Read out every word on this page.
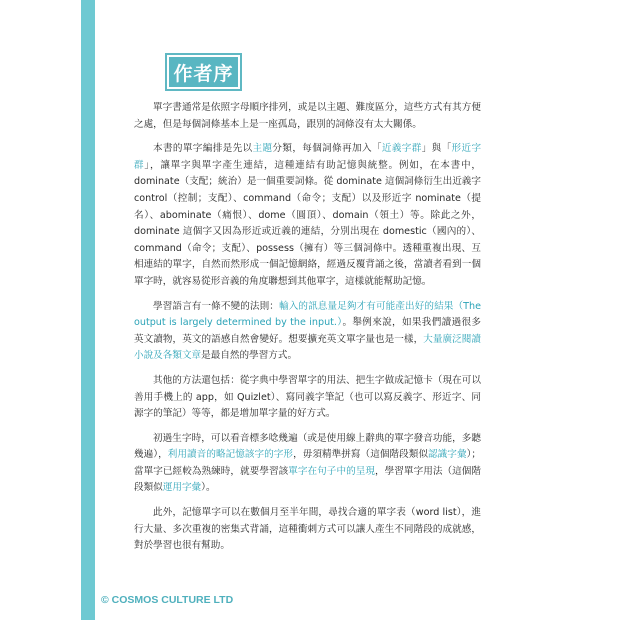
作者序

單字書通常是依照字母順序排列，或是以主題、難度區分，這些方式有其方便之處，但是每個詞條基本上是一座孤島，跟別的詞條沒有太大關係。

本書的單字編排是先以主題分類，每個詞條再加入「近義字群」與「形近字群」，讓單字與單字產生連結，這種連結有助記憶與統整。例如，在本書中，dominate（支配；統治）是一個重要詞條。從 dominate 這個詞條衍生出近義字 control（控制；支配）、command（命令；支配）以及形近字 nominate（提名）、abominate（痛恨）、dome（圓頂）、domain（領土）等。除此之外，dominate 這個字又因為形近或近義的連結，分別出現在 domestic（國內的）、command（命令；支配）、possess（擁有）等三個詞條中。透種重複出現、互相連結的單字，自然而然形成一個記憶網絡，經過反覆背誦之後，當讀者看到一個單字時，就容易從形音義的角度聯想到其他單字，這樣就能幫助記憶。

學習語言有一條不變的法則：輸入的訊息量足夠才有可能產出好的結果（The output is largely determined by the input.）。舉例來說，如果我們讀過很多英文讀物，英文的語感自然會變好。想要擴充英文單字量也是一樣，大量廣泛閱讀小說及各類文章是最自然的學習方式。

其他的方法還包括：從字典中學習單字的用法、把生字做成記憶卡（現在可以善用手機上的 app，如 Quizlet）、寫同義字筆記（也可以寫反義字、形近字、同源字的筆記）等等，都是增加單字量的好方式。

初過生字時，可以看音標多唸幾遍（或是使用線上辭典的單字發音功能，多聽幾遍），利用讀音的略記憶該字的字形，毋須精準拼寫（這個階段類似認識字彙）；當單字已經較為熟練時，就要學習該單字在句子中的呈現，學習單字用法（這個階段類似運用字彙）。

此外，記憶單字可以在數個月至半年間，尋找合適的單字表（word list），進行大量、多次重複的密集式背誦，這種衝刺方式可以讓人產生不同階段的成就感，對於學習也很有幫助。

© COSMOS CULTURE LTD
